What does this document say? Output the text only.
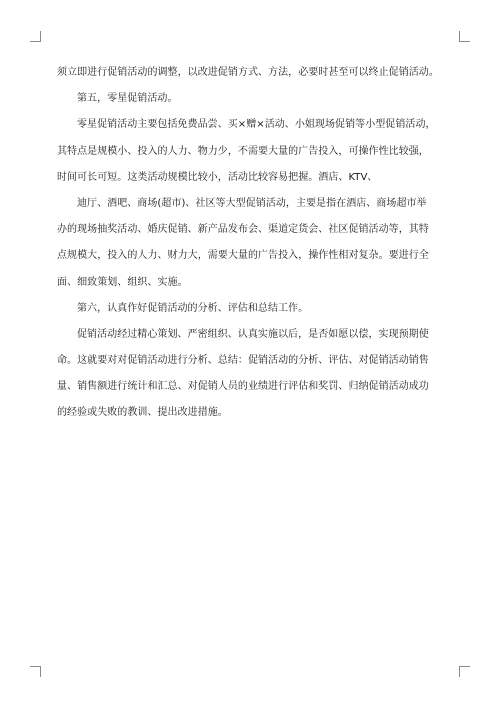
须立即进行促销活动的调整，以改进促销方式、方法，必要时甚至可以终止促销活动。
第五，零星促销活动。
零星促销活动主要包括免费品尝、买×赠×活动、小姐现场促销等小型促销活动，
其特点是规模小、投入的人力、物力少，不需要大量的广告投入，可操作性比较强，
时间可长可短。这类活动规模比较小，活动比较容易把握。酒店、KTV、
迪厅、酒吧、商场(超市)、社区等大型促销活动，主要是指在酒店、商场超市举
办的现场抽奖活动、婚庆促销、新产品发布会、渠道定货会、社区促销活动等，其特
点规模大，投入的人力、财力大，需要大量的广告投入，操作性相对复杂。要进行全
面、细致策划、组织、实施。
第六，认真作好促销活动的分析、评估和总结工作。
促销活动经过精心策划、严密组织、认真实施以后，是否如愿以偿，实现预期使
命。这就要对对促销活动进行分析、总结：促销活动的分析、评估、对促销活动销售
量、销售额进行统计和汇总、对促销人员的业绩进行评估和奖罚、归纳促销活动成功
的经验或失败的教训、提出改进措施。
